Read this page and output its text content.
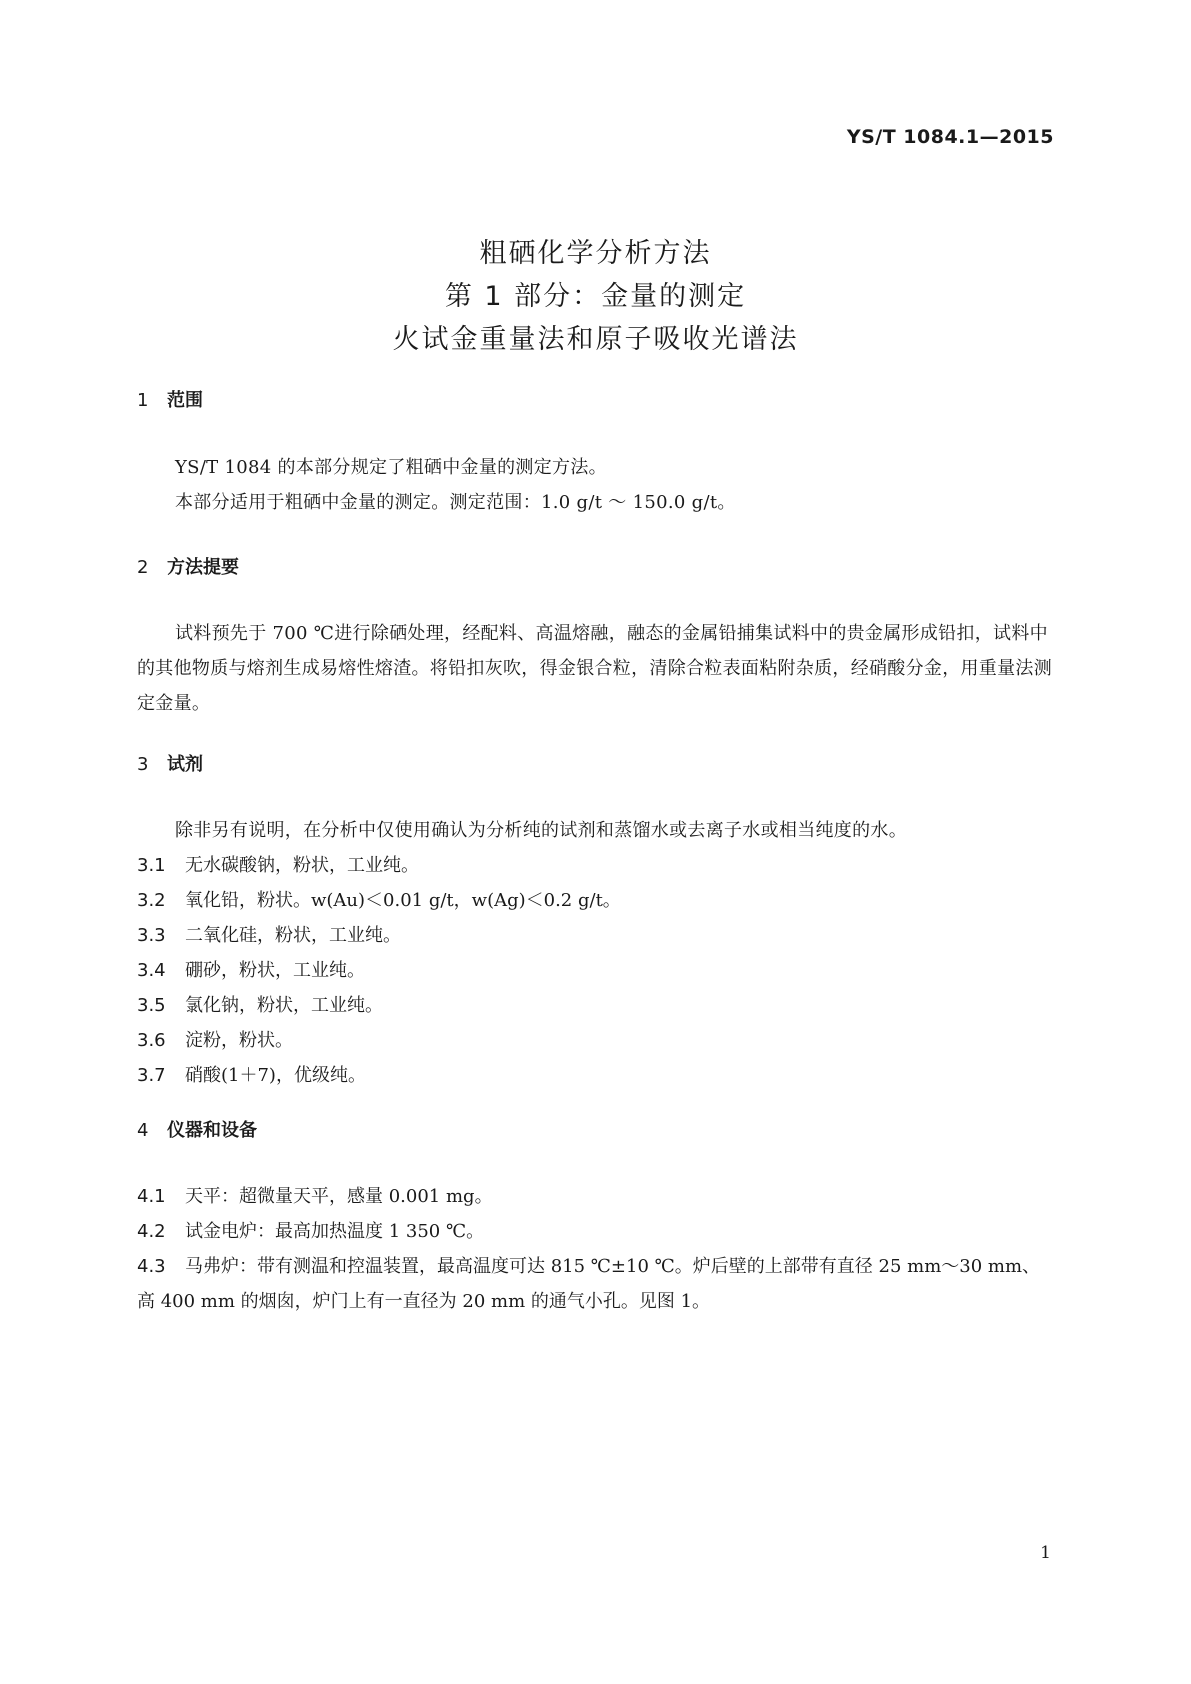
YS/T 1084.1—2015
粗硒化学分析方法
第 1 部分：金量的测定
火试金重量法和原子吸收光谱法
1 范围
YS/T 1084 的本部分规定了粗硒中金量的测定方法。
本部分适用于粗硒中金量的测定。测定范围：1.0 g/t ～ 150.0 g/t。
2 方法提要
试料预先于 700 ℃进行除硒处理，经配料、高温熔融，融态的金属铅捕集试料中的贵金属形成铅扣，试料中的其他物质与熔剂生成易熔性熔渣。将铅扣灰吹，得金银合粒，清除合粒表面粘附杂质，经硝酸分金，用重量法测定金量。
3 试剂
除非另有说明，在分析中仅使用确认为分析纯的试剂和蒸馏水或去离子水或相当纯度的水。
3.1 无水碳酸钠，粉状，工业纯。
3.2 氧化铅，粉状。w(Au)＜0.01 g/t，w(Ag)＜0.2 g/t。
3.3 二氧化硅，粉状，工业纯。
3.4 硼砂，粉状，工业纯。
3.5 氯化钠，粉状，工业纯。
3.6 淀粉，粉状。
3.7 硝酸(1＋7)，优级纯。
4 仪器和设备
4.1 天平：超微量天平，感量 0.001 mg。
4.2 试金电炉：最高加热温度 1 350 ℃。
4.3 马弗炉：带有测温和控温装置，最高温度可达 815 ℃±10 ℃。炉后壁的上部带有直径 25 mm～30 mm、高 400 mm 的烟囱，炉门上有一直径为 20 mm 的通气小孔。见图 1。
1
